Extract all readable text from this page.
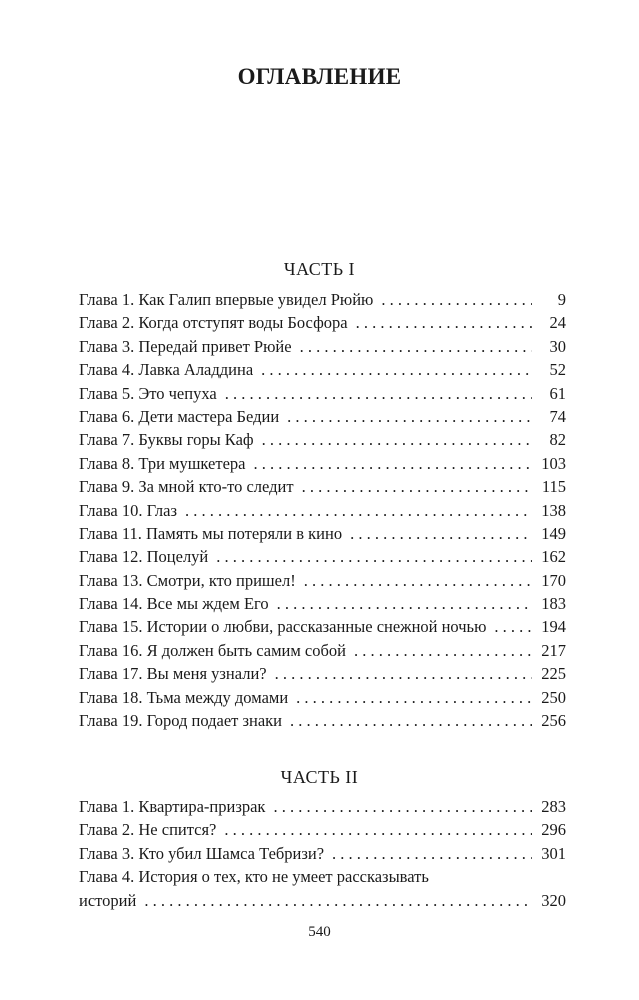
ОГЛАВЛЕНИЕ
ЧАСТЬ I
Глава 1. Как Галип впервые увидел Рюйю . . .	9
Глава 2. Когда отступят воды Босфора . . .	24
Глава 3. Передай привет Рюйе . . .	30
Глава 4. Лавка Аладдина . . .	52
Глава 5. Это чепуха . . .	61
Глава 6. Дети мастера Бедии . . .	74
Глава 7. Буквы горы Каф . . .	82
Глава 8. Три мушкетера . . .	103
Глава 9. За мной кто-то следит . . .	115
Глава 10. Глаз . . .	138
Глава 11. Память мы потеряли в кино . . .	149
Глава 12. Поцелуй . . .	162
Глава 13. Смотри, кто пришел! . . .	170
Глава 14. Все мы ждем Его . . .	183
Глава 15. Истории о любви, рассказанные снежной ночью . . .	194
Глава 16. Я должен быть самим собой . . .	217
Глава 17. Вы меня узнали? . . .	225
Глава 18. Тьма между домами . . .	250
Глава 19. Город подает знаки . . .	256
ЧАСТЬ II
Глава 1. Квартира-призрак . . .	283
Глава 2. Не спится? . . .	296
Глава 3. Кто убил Шамса Тебризи? . . .	301
Глава 4. История о тех, кто не умеет рассказывать
историй . . .	320
540
